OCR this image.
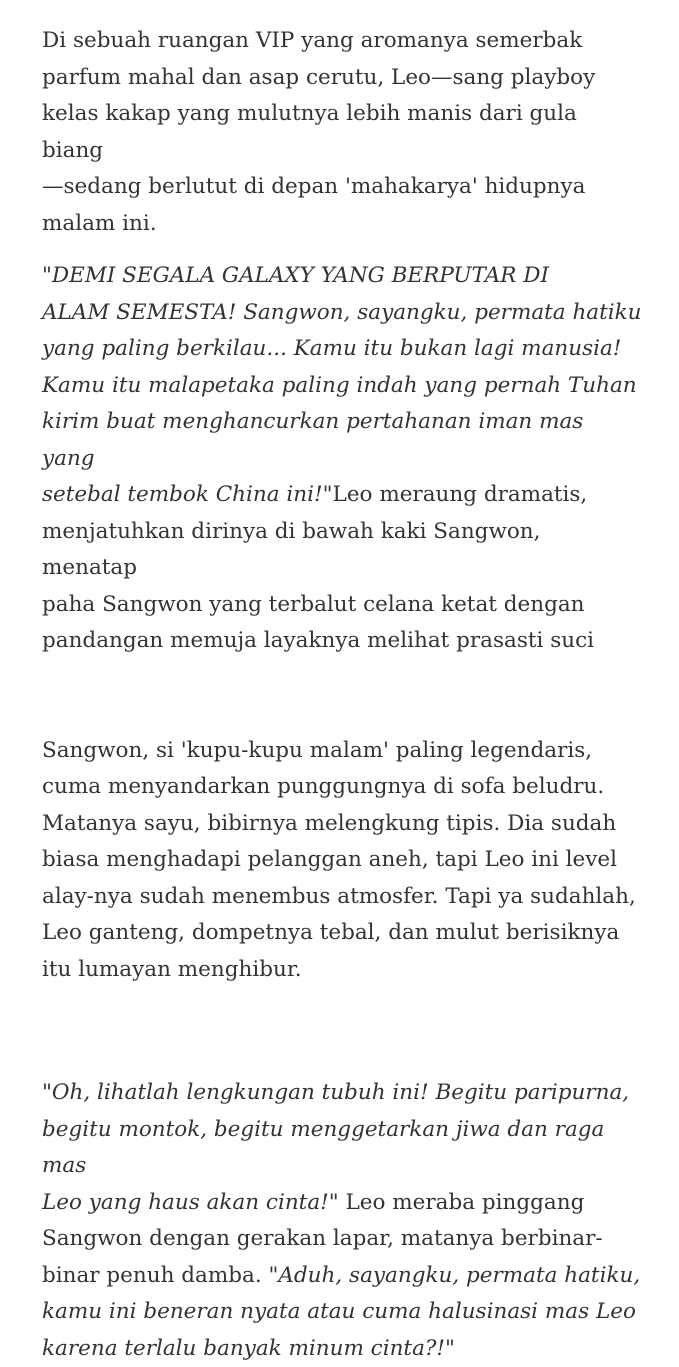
Di sebuah ruangan VIP yang aromanya semerbak
parfum mahal dan asap cerutu, Leo—sang playboy
kelas kakap yang mulutnya lebih manis dari gula biang
—sedang berlutut di depan 'mahakarya' hidupnya
malam ini.

"DEMI SEGALA GALAXY YANG BERPUTAR DI
ALAM SEMESTA! Sangwon, sayangku, permata hatiku
yang paling berkilau... Kamu itu bukan lagi manusia!
Kamu itu malapetaka paling indah yang pernah Tuhan
kirim buat menghancurkan pertahanan iman mas yang
setebal tembok China ini!"Leo meraung dramatis,
menjatuhkan dirinya di bawah kaki Sangwon, menatap
paha Sangwon yang terbalut celana ketat dengan
pandangan memuja layaknya melihat prasasti suci

Sangwon, si 'kupu-kupu malam' paling legendaris,
cuma menyandarkan punggungnya di sofa beludru.
Matanya sayu, bibirnya melengkung tipis. Dia sudah
biasa menghadapi pelanggan aneh, tapi Leo ini level
alay-nya sudah menembus atmosfer. Tapi ya sudahlah,
Leo ganteng, dompetnya tebal, dan mulut berisiknya
itu lumayan menghibur.

"Oh, lihatlah lengkungan tubuh ini! Begitu paripurna,
begitu montok, begitu menggetarkan jiwa dan raga mas
Leo yang haus akan cinta!" Leo meraba pinggang
Sangwon dengan gerakan lapar, matanya berbinar-
binar penuh damba. "Aduh, sayangku, permata hatiku,
kamu ini beneran nyata atau cuma halusinasi mas Leo
karena terlalu banyak minum cinta?!"
